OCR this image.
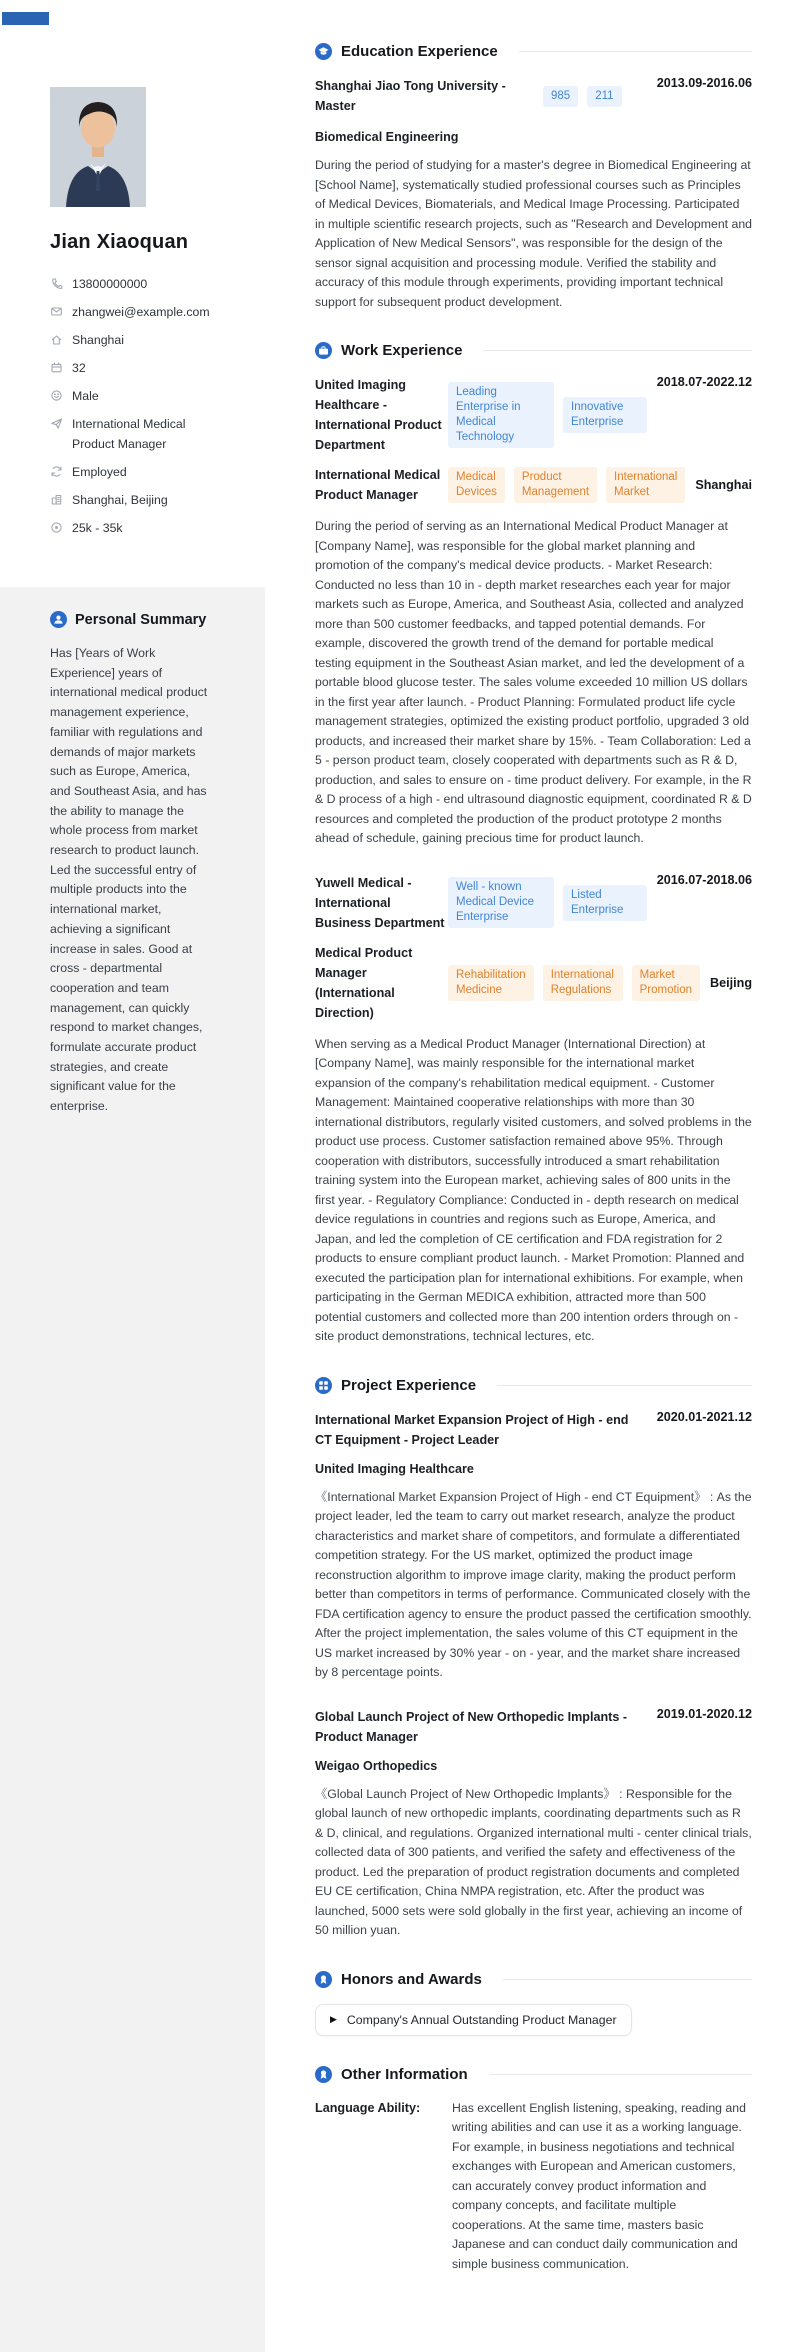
Jian Xiaoquan
13800000000
zhangwei@example.com
Shanghai
32
Male
International Medical Product Manager
Employed
Shanghai, Beijing
25k - 35k
Personal Summary

Has [Years of Work Experience] years of international medical product management experience, familiar with regulations and demands of major markets such as Europe, America, and Southeast Asia, and has the ability to manage the whole process from market research to product launch. Led the successful entry of multiple products into the international market, achieving a significant increase in sales. Good at cross - departmental cooperation and team management, can quickly respond to market changes, formulate accurate product strategies, and create significant value for the enterprise.

Education Experience
Shanghai Jiao Tong University - Master
985	211
2013.09-2016.06

Biomedical Engineering

During the period of studying for a master's degree in Biomedical Engineering at [School Name], systematically studied professional courses such as Principles of Medical Devices, Biomaterials, and Medical Image Processing. Participated in multiple scientific research projects, such as "Research and Development and Application of New Medical Sensors", was responsible for the design of the sensor signal acquisition and processing module. Verified the stability and accuracy of this module through experiments, providing important technical support for subsequent product development.

Work Experience
United Imaging Healthcare - International Product Department
Leading Enterprise in Medical Technology
Innovative Enterprise
2018.07-2022.12
International Medical Product Manager
Medical Devices
Product Management
International Market	Shanghai

During the period of serving as an International Medical Product Manager at [Company Name], was responsible for the global market planning and promotion of the company's medical device products. - Market Research: Conducted no less than 10 in - depth market researches each year for major markets such as Europe, America, and Southeast Asia, collected and analyzed more than 500 customer feedbacks, and tapped potential demands. For example, discovered the growth trend of the demand for portable medical testing equipment in the Southeast Asian market, and led the development of a portable blood glucose tester. The sales volume exceeded 10 million US dollars in the first year after launch. - Product Planning: Formulated product life cycle management strategies, optimized the existing product portfolio, upgraded 3 old products, and increased their market share by 15%. - Team Collaboration: Led a 5 - person product team, closely cooperated with departments such as R & D, production, and sales to ensure on - time product delivery. For example, in the R & D process of a high - end ultrasound diagnostic equipment, coordinated R & D resources and completed the production of the product prototype 2 months ahead of schedule, gaining precious time for product launch.

Yuwell Medical - International Business Department
Well - known Medical Device Enterprise
Listed Enterprise
2016.07-2018.06
Medical Product Manager (International Direction)
Rehabilitation Medicine
International Regulations
Market Promotion	Beijing

When serving as a Medical Product Manager (International Direction) at [Company Name], was mainly responsible for the international market expansion of the company's rehabilitation medical equipment. - Customer Management: Maintained cooperative relationships with more than 30 international distributors, regularly visited customers, and solved problems in the product use process. Customer satisfaction remained above 95%. Through cooperation with distributors, successfully introduced a smart rehabilitation training system into the European market, achieving sales of 800 units in the first year. - Regulatory Compliance: Conducted in - depth research on medical device regulations in countries and regions such as Europe, America, and Japan, and led the completion of CE certification and FDA registration for 2 products to ensure compliant product launch. - Market Promotion: Planned and executed the participation plan for international exhibitions. For example, when participating in the German MEDICA exhibition, attracted more than 500 potential customers and collected more than 200 intention orders through on - site product demonstrations, technical lectures, etc.

Project Experience
International Market Expansion Project of High - end CT Equipment - Project Leader
2020.01-2021.12

United Imaging Healthcare

《International Market Expansion Project of High - end CT Equipment》 : As the project leader, led the team to carry out market research, analyze the product characteristics and market share of competitors, and formulate a differentiated competition strategy. For the US market, optimized the product image reconstruction algorithm to improve image clarity, making the product perform better than competitors in terms of performance. Communicated closely with the FDA certification agency to ensure the product passed the certification smoothly. After the project implementation, the sales volume of this CT equipment in the US market increased by 30% year - on - year, and the market share increased by 8 percentage points.

Global Launch Project of New Orthopedic Implants - Product Manager
2019.01-2020.12

Weigao Orthopedics

《Global Launch Project of New Orthopedic Implants》 : Responsible for the global launch of new orthopedic implants, coordinating departments such as R & D, clinical, and regulations. Organized international multi - center clinical trials, collected data of 300 patients, and verified the safety and effectiveness of the product. Led the preparation of product registration documents and completed EU CE certification, China NMPA registration, etc. After the product was launched, 5000 sets were sold globally in the first year, achieving an income of 50 million yuan.

Honors and Awards
▶ Company's Annual Outstanding Product Manager
Other Information
Language Ability:	Has excellent English listening, speaking, reading and writing abilities and can use it as a working language. For example, in business negotiations and technical exchanges with European and American customers, can accurately convey product information and company concepts, and facilitate multiple cooperations. At the same time, masters basic Japanese and can conduct daily communication and simple business communication.
